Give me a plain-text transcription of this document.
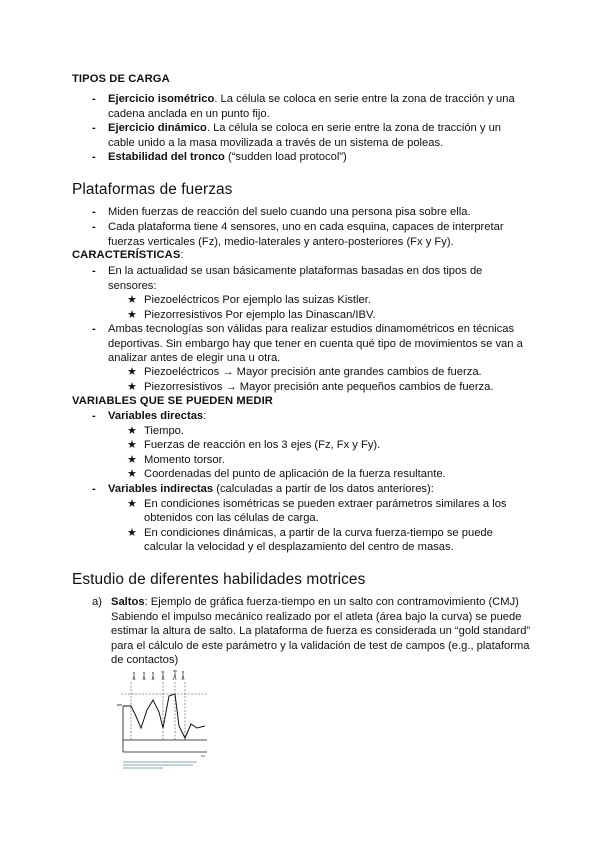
TIPOS DE CARGA
- Ejercicio isométrico. La célula se coloca en serie entre la zona de tracción y una
cadena anclada en un punto fijo.
- Ejercicio dinámico. La célula se coloca en serie entre la zona de tracción y un
cable unido a la masa movilizada a través de un sistema de poleas.
- Estabilidad del tronco (“sudden load protocol”)
Plataformas de fuerzas
- Miden fuerzas de reacción del suelo cuando una persona pisa sobre ella.
- Cada plataforma tiene 4 sensores, uno en cada esquina, capaces de interpretar
fuerzas verticales (Fz), medio-laterales y antero-posteriores (Fx y Fy).
CARACTERÍSTICAS:
- En la actualidad se usan básicamente plataformas basadas en dos tipos de
sensores:
★ Piezoeléctricos Por ejemplo las suizas Kistler.
★ Piezorresistivos Por ejemplo las Dinascan/IBV.
- Ambas tecnologías son válidas para realizar estudios dinamométricos en técnicas
deportivas. Sin embargo hay que tener en cuenta qué tipo de movimientos se van a
analizar antes de elegir una u otra.
★ Piezoeléctricos → Mayor precisión ante grandes cambios de fuerza.
★ Piezorresistivos → Mayor precisión ante pequeños cambios de fuerza.
VARIABLES QUE SE PUEDEN MEDIR
- Variables directas:
★ Tiempo.
★ Fuerzas de reacción en los 3 ejes (Fz, Fx y Fy).
★ Momento torsor.
★ Coordenadas del punto de aplicación de la fuerza resultante.
- Variables indirectas (calculadas a partir de los datos anteriores):
★ En condiciones isométricas se pueden extraer parámetros similares a los
obtenidos con las células de carga.
★ En condiciones dinámicas, a partir de la curva fuerza-tiempo se puede
calcular la velocidad y el desplazamiento del centro de masas.
Estudio de diferentes habilidades motrices
a) Saltos: Ejemplo de gráfica fuerza-tiempo en un salto con contramovimiento (CMJ)
Sabiendo el impulso mecánico realizado por el atleta (área bajo la curva) se puede
estimar la altura de salto. La plataforma de fuerza es considerada un “gold standard”
para el cálculo de este parámetro y la validación de test de campos (e.g., plataforma
de contactos)
